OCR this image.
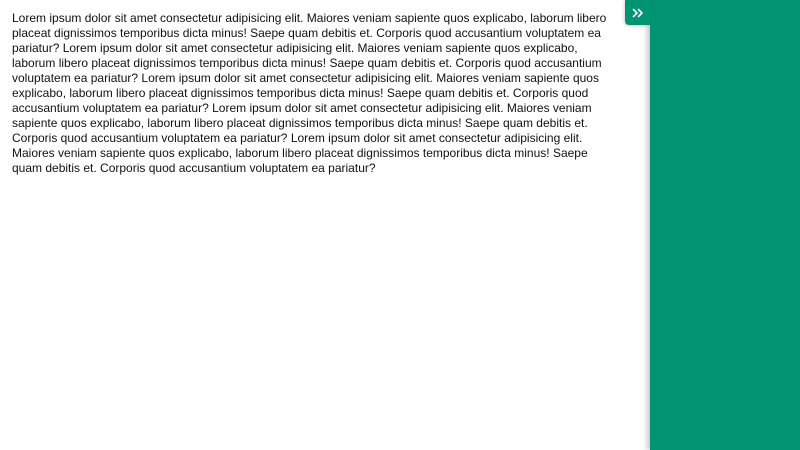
Lorem ipsum dolor sit amet consectetur adipisicing elit. Maiores veniam sapiente quos explicabo, laborum libero placeat dignissimos temporibus dicta minus! Saepe quam debitis et. Corporis quod accusantium voluptatem ea pariatur? Lorem ipsum dolor sit amet consectetur adipisicing elit. Maiores veniam sapiente quos explicabo, laborum libero placeat dignissimos temporibus dicta minus! Saepe quam debitis et. Corporis quod accusantium voluptatem ea pariatur? Lorem ipsum dolor sit amet consectetur adipisicing elit. Maiores veniam sapiente quos explicabo, laborum libero placeat dignissimos temporibus dicta minus! Saepe quam debitis et. Corporis quod accusantium voluptatem ea pariatur? Lorem ipsum dolor sit amet consectetur adipisicing elit. Maiores veniam sapiente quos explicabo, laborum libero placeat dignissimos temporibus dicta minus! Saepe quam debitis et. Corporis quod accusantium voluptatem ea pariatur? Lorem ipsum dolor sit amet consectetur adipisicing elit. Maiores veniam sapiente quos explicabo, laborum libero placeat dignissimos temporibus dicta minus! Saepe quam debitis et. Corporis quod accusantium voluptatem ea pariatur?
